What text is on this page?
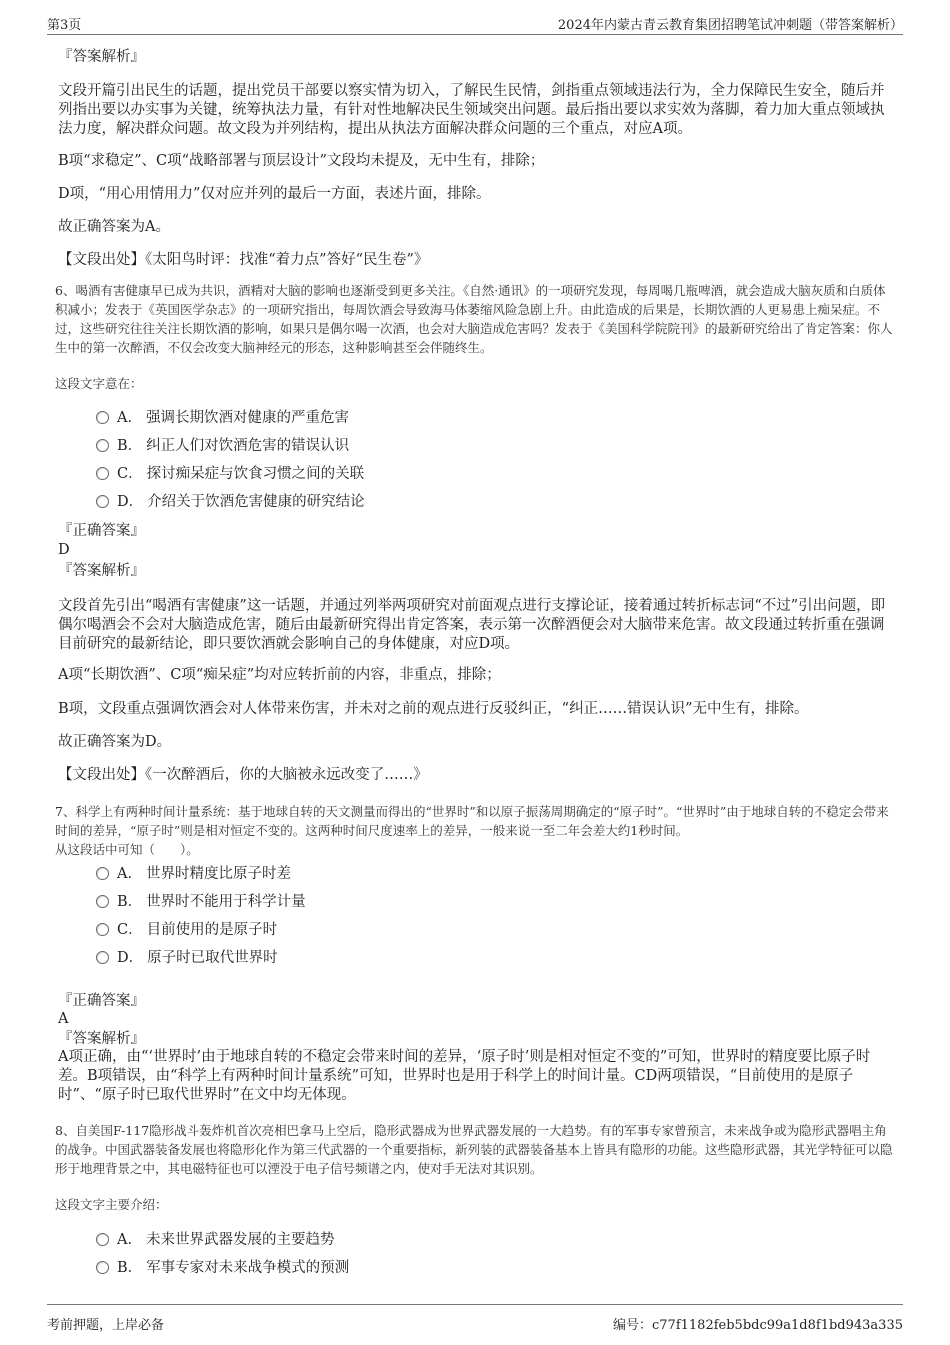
第3页	2024年内蒙古青云教育集团招聘笔试冲刺题（带答案解析）
『答案解析』
文段开篇引出民生的话题，提出党员干部要以察实情为切入，了解民生民情，剑指重点领域违法行为，全力保障民生安全，随后并列指出要以办实事为关键，统筹执法力量，有针对性地解决民生领域突出问题。最后指出要以求实效为落脚，着力加大重点领域执法力度，解决群众问题。故文段为并列结构，提出从执法方面解决群众问题的三个重点，对应A项。
B项“求稳定”、C项“战略部署与顶层设计”文段均未提及，无中生有，排除；
D项，“用心用情用力”仅对应并列的最后一方面，表述片面，排除。
故正确答案为A。
【文段出处】《太阳鸟时评：找准“着力点”答好“民生卷”》
6、喝酒有害健康早已成为共识，酒精对大脑的影响也逐渐受到更多关注。《自然·通讯》的一项研究发现，每周喝几瓶啤酒，就会造成大脑灰质和白质体积减小；发表于《英国医学杂志》的一项研究指出，每周饮酒会导致海马体萎缩风险急剧上升。由此造成的后果是，长期饮酒的人更易患上痴呆症。不过，这些研究往往关注长期饮酒的影响，如果只是偶尔喝一次酒，也会对大脑造成危害吗？发表于《美国科学院院刊》的最新研究给出了肯定答案：你人生中的第一次醉酒，不仅会改变大脑神经元的形态，这种影响甚至会伴随终生。
这段文字意在：
A． 强调长期饮酒对健康的严重危害
B． 纠正人们对饮酒危害的错误认识
C． 探讨痴呆症与饮食习惯之间的关联
D． 介绍关于饮酒危害健康的研究结论
『正确答案』
D
『答案解析』
文段首先引出“喝酒有害健康”这一话题，并通过列举两项研究对前面观点进行支撑论证，接着通过转折标志词“不过”引出问题，即偶尔喝酒会不会对大脑造成危害，随后由最新研究得出肯定答案，表示第一次醉酒便会对大脑带来危害。故文段通过转折重在强调目前研究的最新结论，即只要饮酒就会影响自己的身体健康，对应D项。
A项“长期饮酒”、C项“痴呆症”均对应转折前的内容，非重点，排除；
B项，文段重点强调饮酒会对人体带来伤害，并未对之前的观点进行反驳纠正，“纠正……错误认识”无中生有，排除。
故正确答案为D。
【文段出处】《一次醉酒后，你的大脑被永远改变了……》
7、科学上有两种时间计量系统：基于地球自转的天文测量而得出的“世界时”和以原子振荡周期确定的“原子时”。“世界时”由于地球自转的不稳定会带来时间的差异，“原子时”则是相对恒定不变的。这两种时间尺度速率上的差异，一般来说一至二年会差大约1秒时间。
从这段话中可知（　　）。
A． 世界时精度比原子时差
B． 世界时不能用于科学计量
C． 目前使用的是原子时
D． 原子时已取代世界时
『正确答案』
A
『答案解析』
A项正确，由“‘世界时’由于地球自转的不稳定会带来时间的差异，‘原子时’则是相对恒定不变的”可知，世界时的精度要比原子时差。B项错误，由“科学上有两种时间计量系统”可知，世界时也是用于科学上的时间计量。CD两项错误，“目前使用的是原子时”、“原子时已取代世界时”在文中均无体现。
8、自美国F-117隐形战斗轰炸机首次亮相巴拿马上空后，隐形武器成为世界武器发展的一大趋势。有的军事专家曾预言，未来战争或为隐形武器唱主角的战争。中国武器装备发展也将隐形化作为第三代武器的一个重要指标，新列装的武器装备基本上皆具有隐形的功能。这些隐形武器，其光学特征可以隐形于地理背景之中，其电磁特征也可以湮没于电子信号频谱之内，使对手无法对其识别。
这段文字主要介绍：
A． 未来世界武器发展的主要趋势
B． 军事专家对未来战争模式的预测
考前押题，上岸必备	编号：c77f1182feb5bdc99a1d8f1bd943a335
